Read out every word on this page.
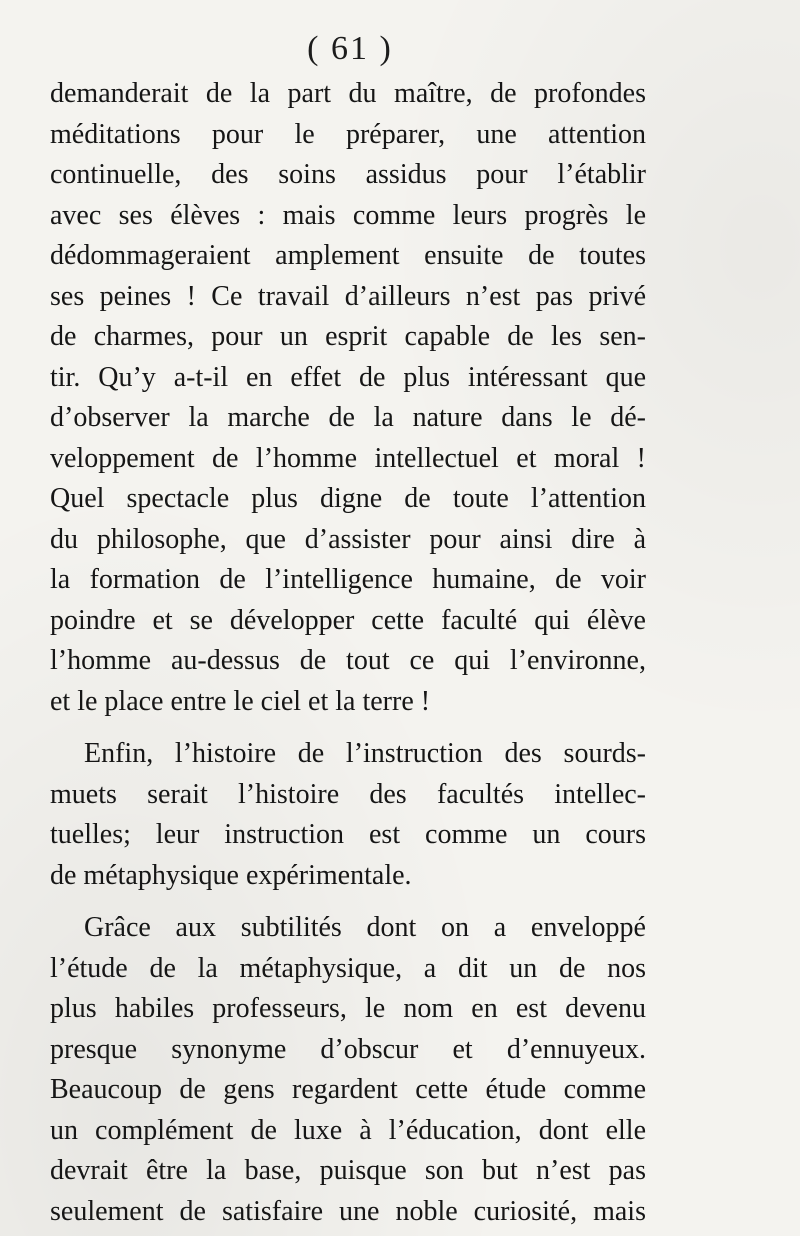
( 61 )
demanderait de la part du maître, de profondes
méditations pour le préparer, une attention
continuelle, des soins assidus pour l’établir
avec ses élèves : mais comme leurs progrès le
dédommageraient amplement ensuite de toutes
ses peines ! Ce travail d’ailleurs n’est pas privé
de charmes, pour un esprit capable de les sen-
tir. Qu’y a-t-il en effet de plus intéressant que
d’observer la marche de la nature dans le dé-
veloppement de l’homme intellectuel et moral !
Quel spectacle plus digne de toute l’attention
du philosophe, que d’assister pour ainsi dire à
la formation de l’intelligence humaine, de voir
poindre et se développer cette faculté qui élève
l’homme au-dessus de tout ce qui l’environne,
et le place entre le ciel et la terre !
Enfin, l’histoire de l’instruction des sourds-
muets serait l’histoire des facultés intellec-
tuelles; leur instruction est comme un cours
de métaphysique expérimentale.
Grâce aux subtilités dont on a enveloppé
l’étude de la métaphysique, a dit un de nos
plus habiles professeurs, le nom en est devenu
presque synonyme d’obscur et d’ennuyeux.
Beaucoup de gens regardent cette étude comme
un complément de luxe à l’éducation, dont elle
devrait être la base, puisque son but n’est pas
seulement de satisfaire une noble curiosité, mais
